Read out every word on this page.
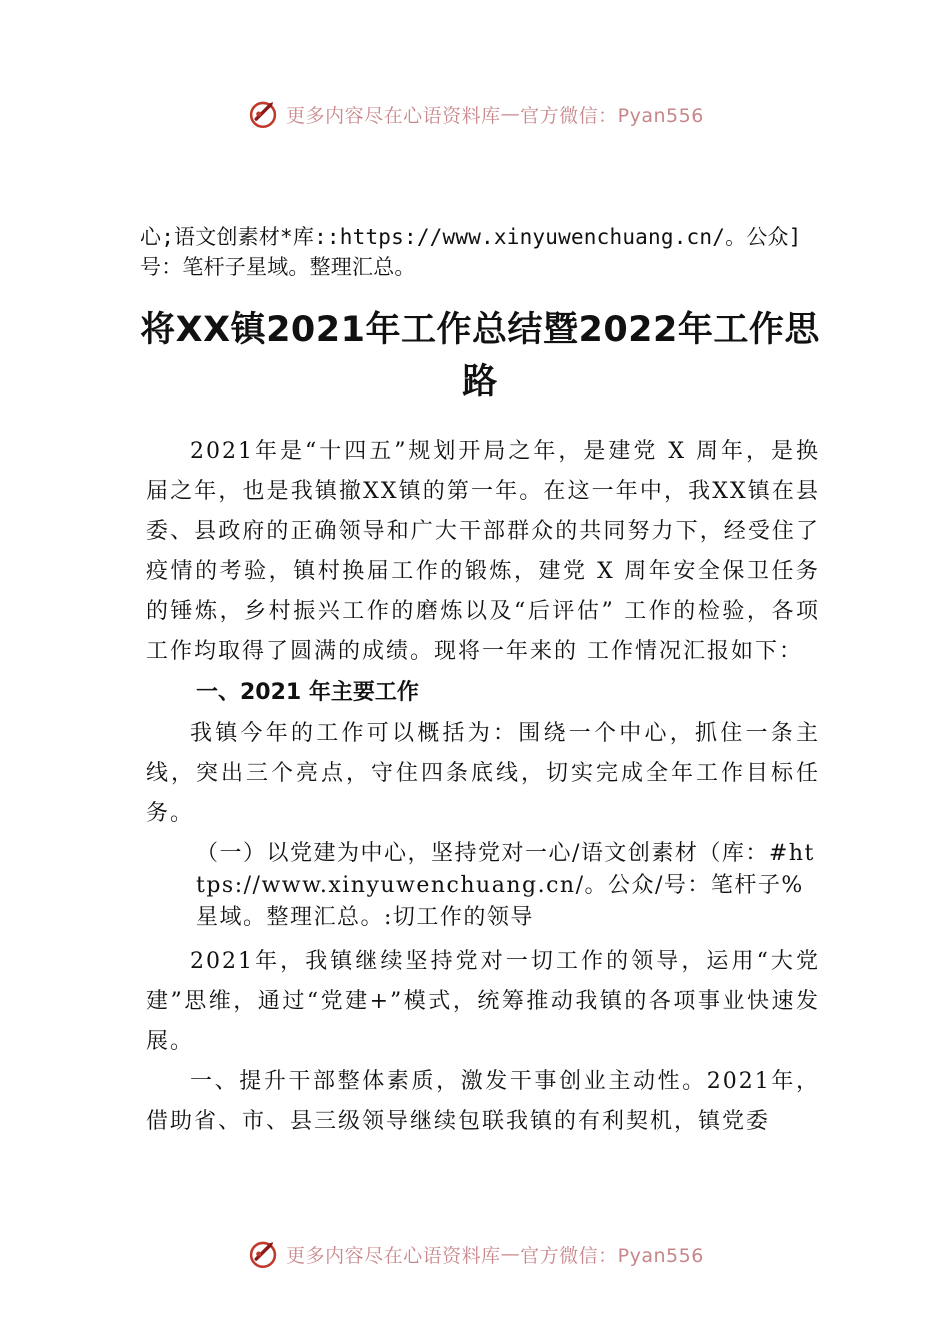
更多内容尽在心语资料库 — 官方微信：Pyan556

心;语文创素材*库::https://www.xinyuwenchuang.cn/。公众]号：笔杆子星域。整理汇总。

将XX镇2021年工作总结暨2022年工作思路

2021年是“十四五”规划开局之年，是建党 X 周年，是换届之年，也是我镇撤XX镇的第一年。在这一年中，我XX镇在县委、县政府的正确领导和广大干部群众的共同努力下，经受住了疫情的考验，镇村换届工作的锻炼，建党 X 周年安全保卫任务的锤炼，乡村振兴工作的磨炼以及“后评估” 工作的检验，各项工作均取得了圆满的成绩。现将一年来的 工作情况汇报如下：

一、2021 年主要工作

我镇今年的工作可以概括为：围绕一个中心，抓住一条主线，突出三个亮点，守住四条底线，切实完成全年工作目标任务。

（一）以党建为中心，坚持党对一心/语文创素材（库：#https://www.xinyuwenchuang.cn/。公众/号：笔杆子%星域。整理汇总。:切工作的领导

2021年，我镇继续坚持党对一切工作的领导，运用“大党建”思维，通过“党建+”模式，统筹推动我镇的各项事业快速发展。

一、提升干部整体素质，激发干事创业主动性。2021年，借助省、市、县三级领导继续包联我镇的有利契机，镇党委

更多内容尽在心语资料库 — 官方微信：Pyan556
